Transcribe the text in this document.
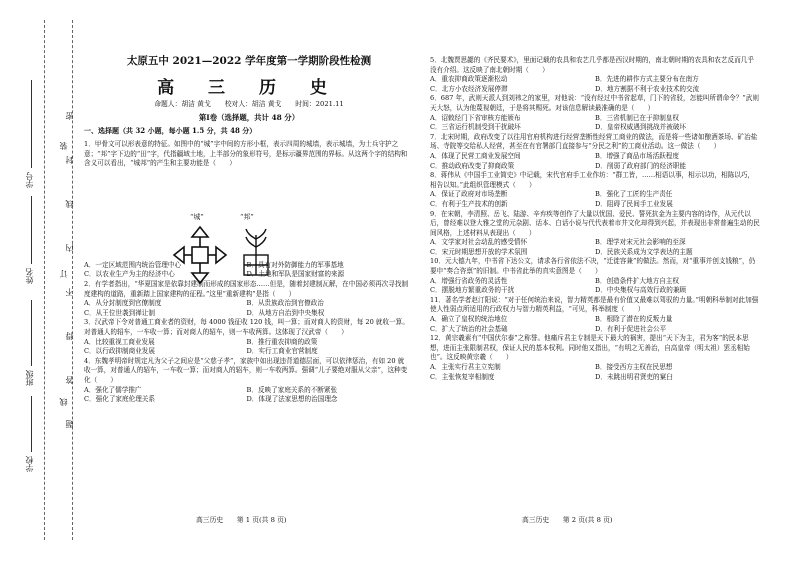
学号
姓名
班级
学校
装
订
线
密
封
线
内
不
得
答
题
太原五中 2021—2022 学年度第一学期阶段性检测
高 三 历 史
命题人：胡洁 黄戈 校对人：胡洁 黄戈 时间：2021.11
第Ⅰ卷（选择题，共计 48 分）
一、选择题（共 32 小题，每小题 1.5 分，共 48 分）

1．甲骨文可以形表意的特征。如图中的“城”字中间的方形小框，表示四周的城墙，表示城墙，为士兵守护之意；“邦”字下边的“田”字，代指疆域土地，上半部分的象形符号，是标示疆界范围的界标。从这两个字的结构和含义可以看出，“城邦”的产生和主要功能是（　　）

A．一定区域范围内统治管理中心	B．具有对外防御能力的军事基地
C．以农业生产为主的经济中心	D．土地和军队是国家财富的来源

2．有学者指出，“华夏国家是依靠封建制而形成的国家形态……但是，随着封建制瓦解，在中国必须再次寻找制度建构的道路，重新踏上国家建构的征程。”这里“重新建构”是指（　　）

A．从分封制度到官僚制度	B．从贵族政治到官僚政治
C．从王位世袭到禅让制	D．从地方自治到中央集权

3．汉武帝下令对普通工商业者的资财，每 4000 钱征收 120 钱，叫一算；而对商人的资财，每 20 就收一算。对普通人的轺车，一车收一算；而对商人的轺车，则一车收两算。这体现了汉武帝（　　）

A．比较重视工商业发展	B．推行重农抑商的政策
C．以行政抑制商业发展	D．实行工商业官营制度

4．东魏孝明帝时规定凡为父子之间应是“父慈子孝”，家族中如出现违背道德层面，可以依律惩治，有如 20 就收一算，对普通人的轺车，一车收一算；而对商人的轺车，则一车收两算。强调“儿子要绝对服从父亲”，这种变化（　　）

A．强化了儒学推广	B．反映了家庭关系的不断紧张
C．强化了家庭伦理关系	D．体现了法家思想的治国理念
“城”	“邦”

5．北魏贾思勰的《齐民要术》，里面记载的农具和农艺几乎都是西汉时期的，南北朝时期的农具和农艺反而几乎没有介绍。这反映了南北朝时期（　　）

A．重农抑商政策逐渐松动	B．先进的耕作方式主要分布在南方
C．北方小农经济发展停滞	D．地方割据不利于农业技术的交流

6．687 年，武则天派人到刘袆之的家里，对他说：“没有经过中书省起草，门下的省驳，怎能叫所谓命令？”武则天大怒，认为他蔑视朝廷，于是将其赐死。对该信息解读最准确的是（　　）

A．诏敕经门下省审核方能颁布	B．三省机制已在于抑制皇权
C．三省运行机制受到干扰破坏	D．皇帝权威遇到挑战并被破坏

7．北宋时期，政府改变了以往用官府机构进行经营垄断性经营工商业的做法，而是将一些诸如酿酒茶场、矿冶盐场、寺院等交给私人经营，甚至在有官署部门直接参与“分民之利”的工商业活动。这一做法（　　）

A．体现了民营工商业发展空间	B．增强了商品市场活跃程度
C．推动政府改变了抑商政策	D．削弱了政府部门的经济职能

8．蒋伟从《中国手工业简史》中记载，宋代官府手工业作坊：“群工皆，……相语以事，相示以功，相陈以巧，相告以知。”此组织管理模式（　　）

A．保证了政府对市场垄断	B．强化了工匠的生产责任
C．有利于生产技术的创新	D．阻碍了民间手工业发展

9．在宋朝，李清照、岳飞、陆游、辛弃疾等创作了大量以忧国、爱民、誓死抗金为主要内容的诗作，从元代以后，曾经难以登大雅之堂的元杂剧、话本、白话小说与代代表着市井文化却得到兴起，并表现出非常普遍生动的民间风格，上述材料从表现出（　　）

A．文学家对社会动乱的感受情怀	B．理学对宋元社会影响的至深
C．宋元时期思想开放的学术氛围	D．民族关系成为文学表达的主题

10．元大德九年，中书省下达公文，请求各行省依法不决，“迁徙容兼”的做法。然而，对“重事并创支钱粮”，仍要申“奏合咨禀”的旧制。中书省此举的真实意图是（　　）

A．增强行省政务的灵活性	B．创造条件扩大地方自主权
C．摆脱地方繁重政务的干扰	D．中央集权与高效行政的兼顾

11．著名学者赵汀阳说：“对于任何统治来说，智力精英都是最有价值又最难以驾驭的力量。”明朝科举制对此加强使人性弱点所适用的行政权力与智力精英利益，“可见，科举制度（　　）

A．确立了皇权的统治地位	B．根除了潜在的反叛力量
C．扩大了统治的社会基础	D．有利于促进社会公平

12．黄宗羲素有“中国伏尔泰”之称誉。他痛斥君主专制是天下最大的祸害，提出“天下为主，君为客”的民本思想，进而主张限制君权，保证人民的基本权利。同时他又指出，“有明之无善治，自高皇帝（明太祖）罢丞相始也”。这反映黄宗羲（　　）

A．主张实行君主立宪制	B．接受西方主权在民思想
C．主张恢复宰相制度	D．未跳出明君贤吏的窠臼
高三历史　　第 1 页(共 8 页)	高三历史　　第 2 页(共 8 页)
